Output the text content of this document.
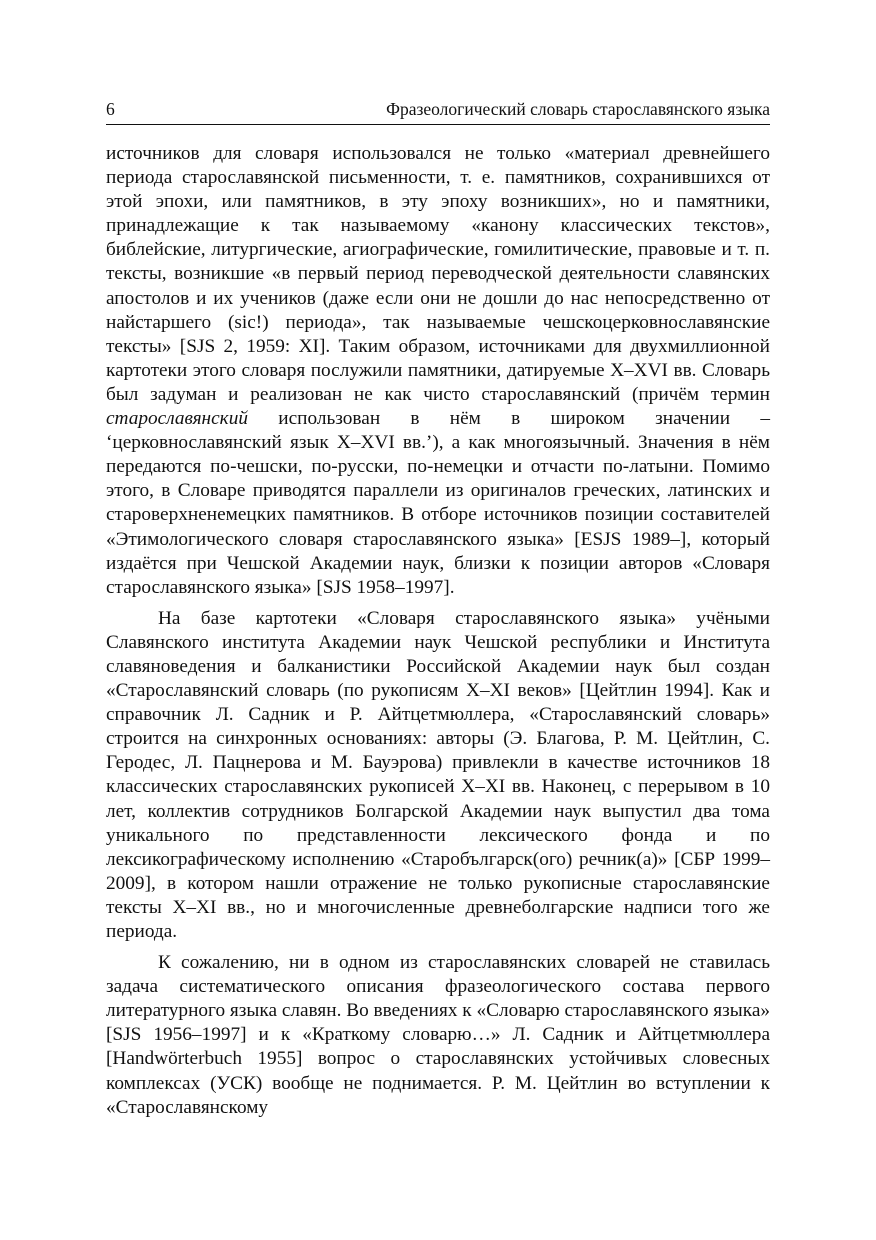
6	Фразеологический словарь старославянского языка

источников для словаря использовался не только «материал древнейшего периода старославянской письменности, т. е. памятников, сохранившихся от этой эпохи, или памятников, в эту эпоху возникших», но и памятники, принадлежащие к так называемому «канону классических текстов», библейские, литургические, агиографические, гомилитические, правовые и т. п. тексты, возникшие «в первый период переводческой деятельности славянских апостолов и их учеников (даже если они не дошли до нас непосредственно от найстаршего (sic!) периода», так называемые чешскоцерковнославянские тексты» [SJS 2, 1959: XI]. Таким образом, источниками для двухмиллионной картотеки этого словаря послужили памятники, датируемые X–XVI вв. Словарь был задуман и реализован не как чисто старославянский (причём термин старославянский использован в нём в широком значении – ‘церковнославянский язык X–XVI вв.’), а как многоязычный. Значения в нём передаются по-чешски, по-русски, по-немецки и отчасти по-латыни. Помимо этого, в Словаре приводятся параллели из оригиналов греческих, латинских и староверхненемецких памятников. В отборе источников позиции составителей «Этимологического словаря старославянского языка» [ESJS 1989–], который издаётся при Чешской Академии наук, близки к позиции авторов «Словаря старославянского языка» [SJS 1958–1997].

На базе картотеки «Словаря старославянского языка» учёными Славянского института Академии наук Чешской республики и Института славяноведения и балканистики Российской Академии наук был создан «Старославянский словарь (по рукописям X–XI веков» [Цейтлин 1994]. Как и справочник Л. Садник и Р. Айтцетмюллера, «Старославянский словарь» строится на синхронных основаниях: авторы (Э. Благова, Р. М. Цейтлин, С. Геродес, Л. Пацнерова и М. Бауэрова) привлекли в качестве источников 18 классических старославянских рукописей X–XI вв. Наконец, с перерывом в 10 лет, коллектив сотрудников Болгарской Академии наук выпустил два тома уникального по представленности лексического фонда и по лексикографическому исполнению «Старобългарск(ого) речник(а)» [СБР 1999–2009], в котором нашли отражение не только рукописные старославянские тексты X–XI вв., но и многочисленные древнеболгарские надписи того же периода.

К сожалению, ни в одном из старославянских словарей не ставилась задача систематического описания фразеологического состава первого литературного языка славян. Во введениях к «Словарю старославянского языка» [SJS 1956–1997] и к «Краткому словарю…» Л. Садник и Айтцетмюллера [Handwörterbuch 1955] вопрос о старославянских устойчивых словесных комплексах (УСК) вообще не поднимается. Р. М. Цейтлин во вступлении к «Старославянскому
